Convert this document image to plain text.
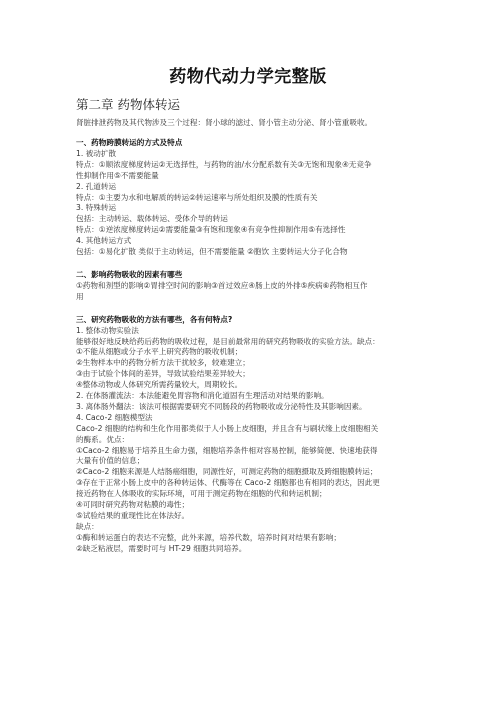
药物代动力学完整版
第二章 药物体转运
肾脏排泄药物及其代物涉及三个过程：肾小球的滤过、肾小管主动分泌、肾小管重吸收。
一、药物跨膜转运的方式及特点

1. 被动扩散

特点：①顺浓度梯度转运②无选择性，与药物的油/水分配系数有关③无饱和现象④无竞争

性抑制作用⑤不需要能量

2. 孔道转运

特点：①主要为水和电解质的转运②转运速率与所处组织及膜的性质有关

3. 特殊转运

包括：主动转运、载体转运、受体介导的转运

特点：①逆浓度梯度转运②需要能量③有饱和现象④有竞争性抑制作用⑤有选择性

4. 其他转运方式

包括：①易化扩散 类似于主动转运，但不需要能量 ②胞饮 主要转运大分子化合物

二、影响药物吸收的因素有哪些

①药物和剂型的影响②胃排空时间的影响③首过效应④肠上皮的外排⑤疾病⑥药物相互作

用

三、研究药物吸收的方法有哪些，各有何特点?

1. 整体动物实验法

能够很好地反映给药后药物的吸收过程，是目前最常用的研究药物吸收的实验方法。缺点：

①不能从细胞或分子水平上研究药物的吸收机制；

②生物样本中的药物分析方法干扰较多，较难建立；

③由于试验个体间的差异，导致试验结果差异较大；

④整体动物或人体研究所需药量较大，周期较长。

2. 在体肠灌流法：本法能避免胃容物和消化道固有生理活动对结果的影响。

3. 离体肠外翻法：该法可根据需要研究不同肠段的药物吸收或分泌特性及其影响因素。

4. Caco-2 细胞模型法

Caco-2 细胞的结构和生化作用都类似于人小肠上皮细胞，并且含有与刷状缘上皮细胞相关

的酶系。优点：

①Caco-2 细胞易于培养且生命力强，细胞培养条件相对容易控制，能够简便、快速地获得

大量有价值的信息；

②Caco-2 细胞来源是人结肠癌细胞，同源性好，可测定药物的细胞摄取及跨细胞膜转运；

③存在于正常小肠上皮中的各种转运体、代酶等在 Caco-2 细胞都也有相同的表达，因此更

接近药物在人体吸收的实际环境，可用于测定药物在细胞的代和转运机制；

④可同时研究药物对粘膜的毒性；

⑤试验结果的重现性比在体法好。

缺点：

①酶和转运蛋白的表达不完整，此外来源，培养代数，培养时间对结果有影响；

②缺乏粘液层，需要时可与 HT-29 细胞共同培养。
